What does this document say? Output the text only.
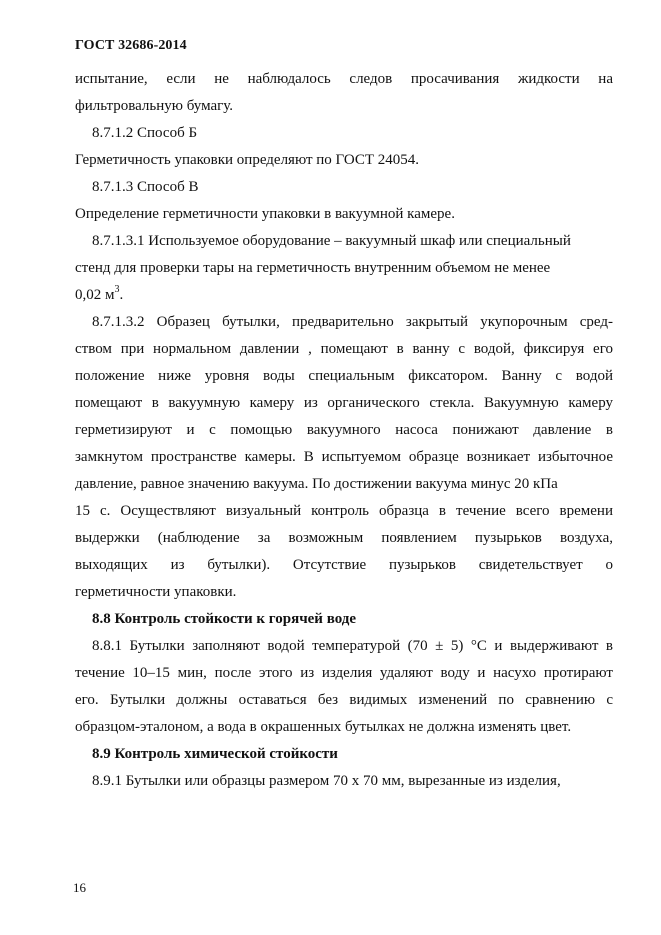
ГОСТ 32686-2014
испытание, если не наблюдалось следов просачивания жидкости на
фильтровальную бумагу.
8.7.1.2 Способ Б
Герметичность упаковки определяют по ГОСТ 24054.
8.7.1.3 Способ В
Определение герметичности упаковки в вакуумной камере.
8.7.1.3.1 Используемое оборудование – вакуумный шкаф или специальный
стенд для проверки тары на герметичность внутренним объемом не менее
0,02 $м^3$.
8.7.1.3.2 Образец бутылки, предварительно закрытый укупорочным сред-
ством при нормальном давлении , помещают в ванну с водой, фиксируя его
положение ниже уровня воды специальным фиксатором. Ванну с водой
помещают в вакуумную камеру из органического стекла. Вакуумную камеру
герметизируют и с помощью вакуумного насоса понижают давление в
замкнутом пространстве камеры. В испытуемом образце возникает избыточное
давление, равное значению вакуума. По достижении вакуума минус 20 кПа
15 с. Осуществляют визуальный контроль образца в течение всего времени
выдержки (наблюдение за возможным появлением пузырьков воздуха,
выходящих из бутылки). Отсутствие пузырьков свидетельствует о
герметичности упаковки.
8.8 Контроль стойкости к горячей воде
8.8.1 Бутылки заполняют водой температурой (70 ± 5) °С и выдерживают в
течение 10–15 мин, после этого из изделия удаляют воду и насухо протирают
его. Бутылки должны оставаться без видимых изменений по сравнению с
образцом-эталоном, а вода в окрашенных бутылках не должна изменять цвет.
8.9 Контроль химической стойкости
8.9.1 Бутылки или образцы размером 70 х 70 мм, вырезанные из изделия,
16
